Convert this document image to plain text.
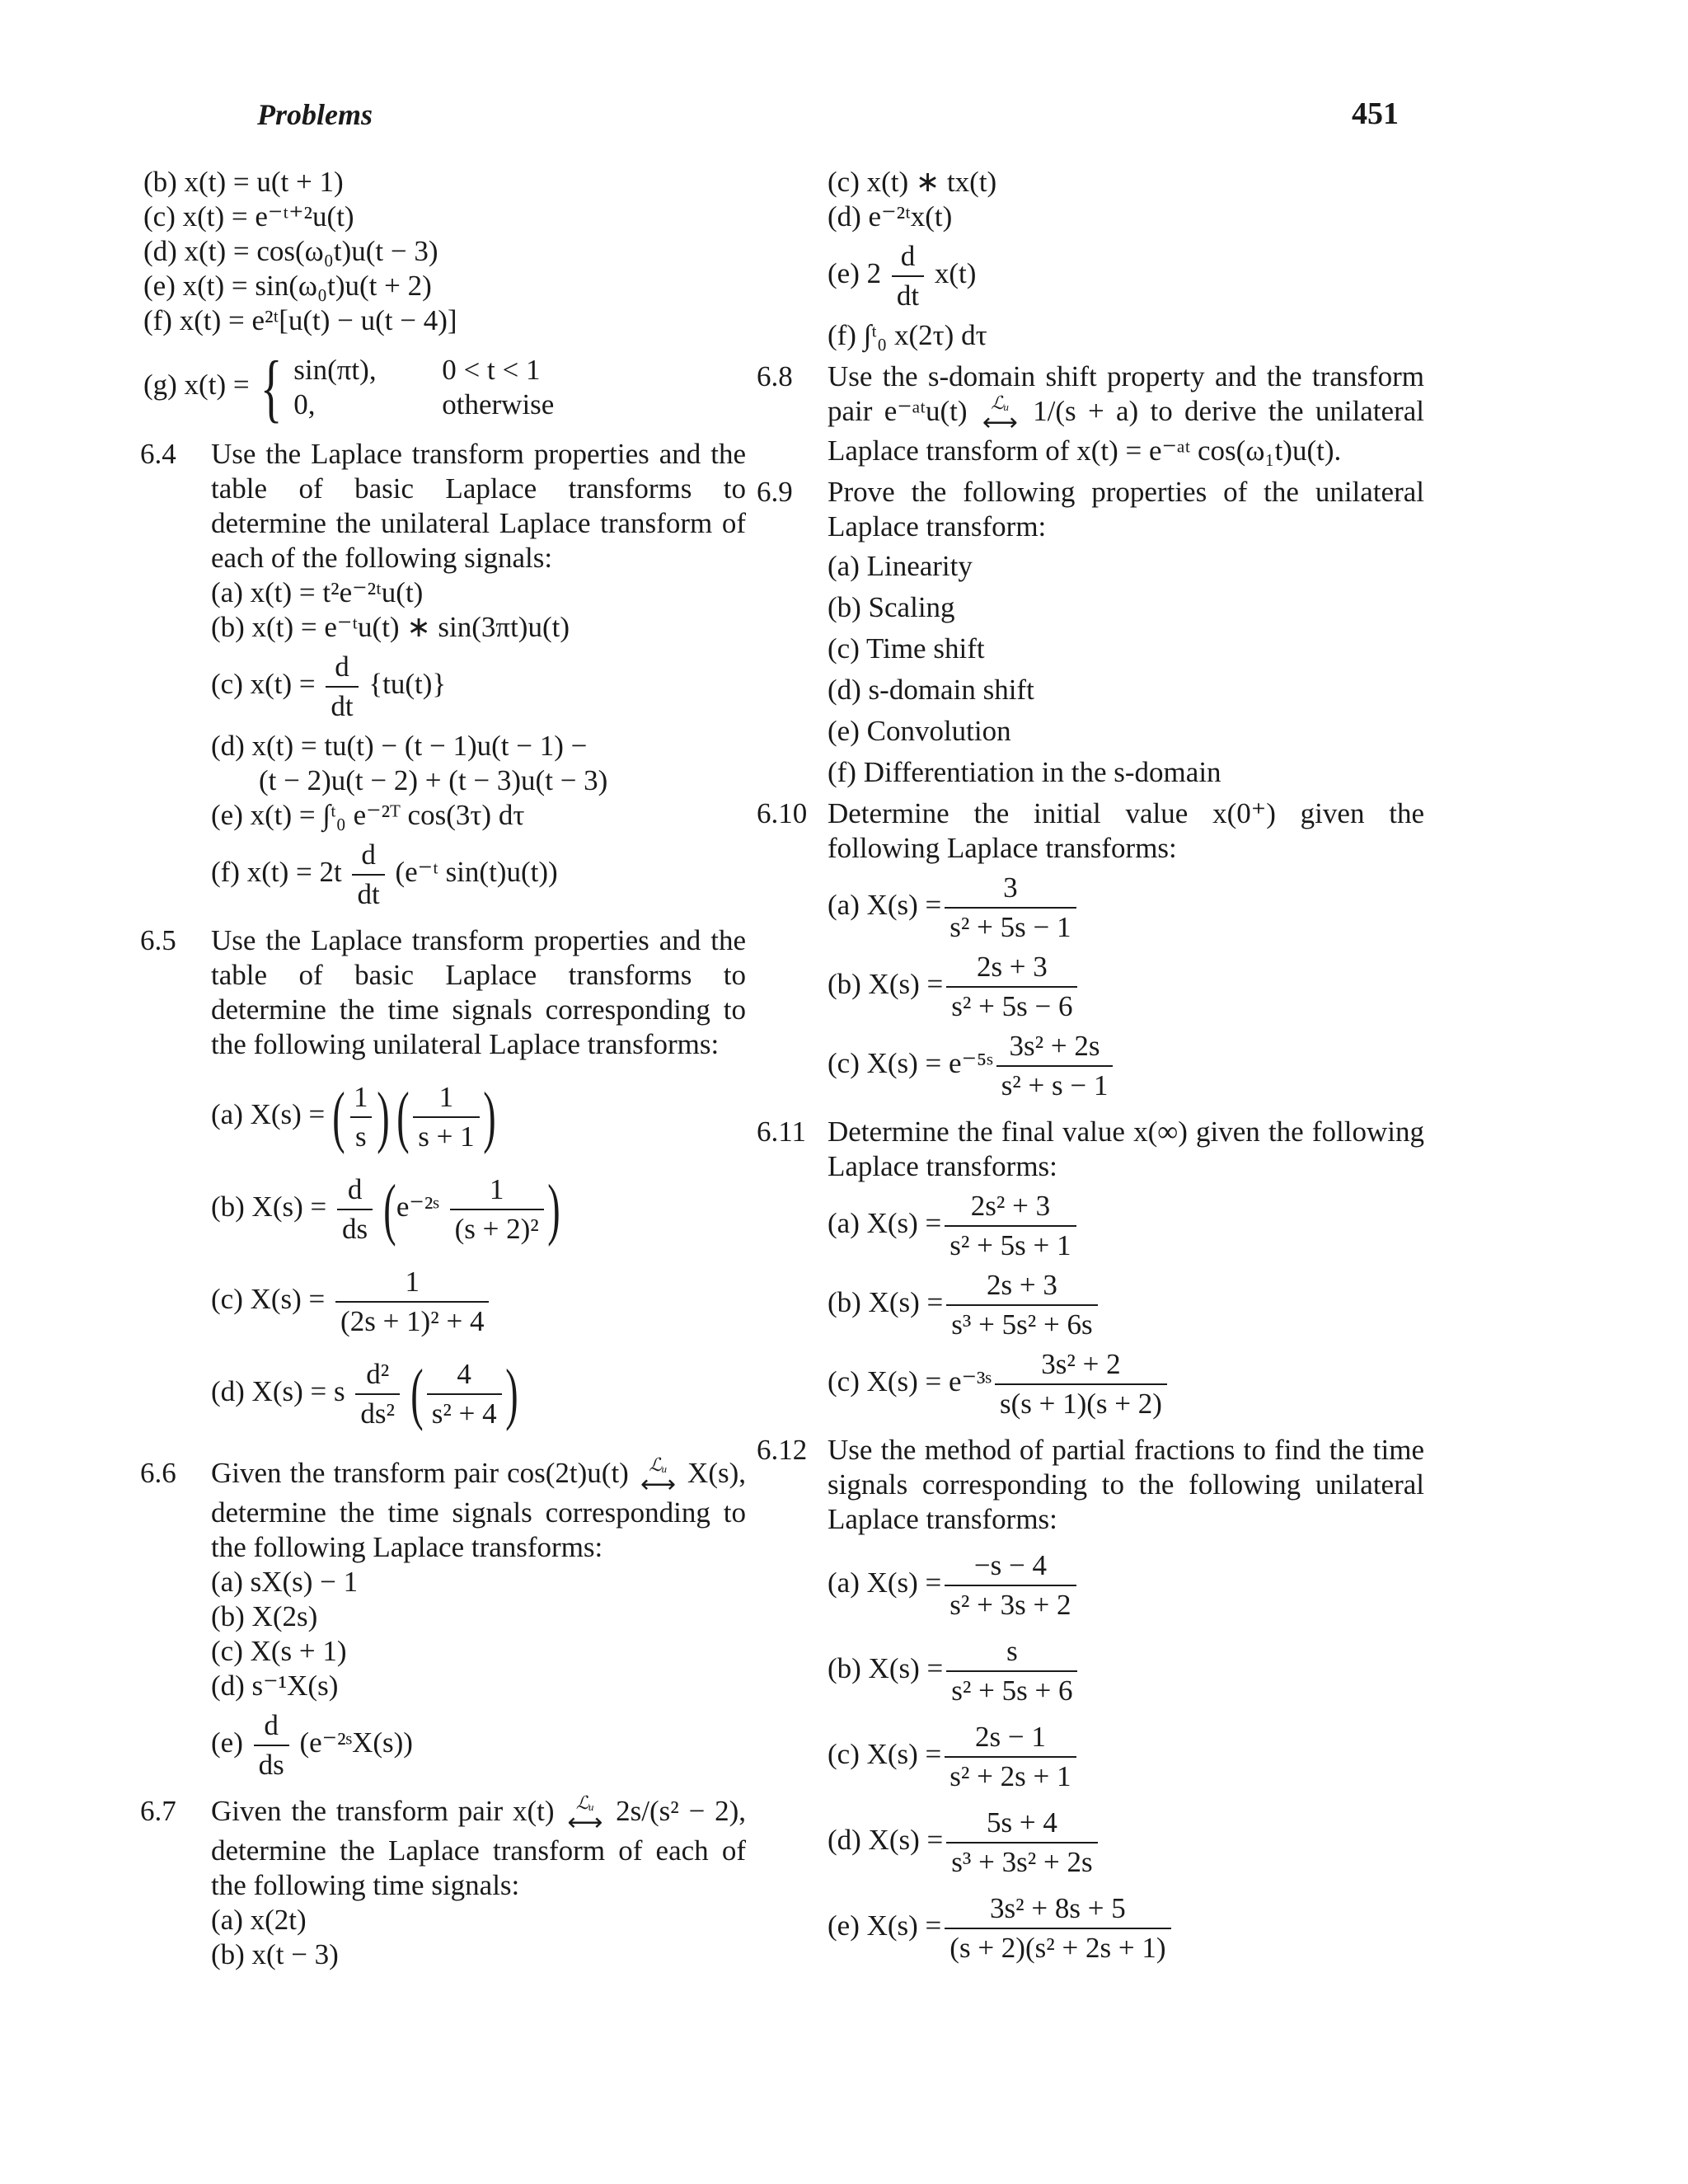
Problems	451
(b) x(t) = u(t + 1)
(c) x(t) = e⁻ᵗ⁺²u(t)
(d) x(t) = cos(ω₀t)u(t − 3)
(e) x(t) = sin(ω₀t)u(t + 2)
(f) x(t) = e²ᵗ[u(t) − u(t − 4)]
(g) x(t) = { sin(πt),	0 < t < 1
0,	otherwise
6.4	Use the Laplace transform properties and the table of basic Laplace transforms to determine the unilateral Laplace transform of each of the following signals:
(a) x(t) = t²e⁻²ᵗu(t)
(b) x(t) = e⁻ᵗu(t) ∗ sin(3πt)u(t)
(c) $x(t) = \frac{d}{dt} \{tu(t)\}$
(d) x(t) = tu(t) − (t − 1)u(t − 1) −
(t − 2)u(t − 2) + (t − 3)u(t − 3)
(e) x(t) = ∫ᵗ₀ e⁻²ᵀ cos(3τ) dτ
(f) $x(t) = 2t \frac{d}{dt}$ (e⁻ᵗ sin(t)u(t))
6.5	Use the Laplace transform properties and the table of basic Laplace transforms to determine the time signals corresponding to the following unilateral Laplace transforms:
(a) X(s) = ( $\frac{1}{s}$ ) ( $\frac{1}{s + 1}$ )
(b) $X(s) = \frac{d}{ds}$ (e⁻²ˢ $\frac{1}{\text{(s + 2)²}}$ )
(c) $X(s) = \frac{1}{\text{(2s + 1)² + 4}}$
(d) X(s) = s $\frac{\text{d²}}{\text{ds²}}$ ( $\frac{4}{\text{s² + 4}}$ )
6.6	Given the transform pair cos(2t)u(t) ℒᵤ
⟷ X(s), determine the time signals corresponding to the following Laplace transforms:
(a) sX(s) − 1
(b) X(2s)
(c) X(s + 1)
(d) s⁻¹X(s)
$(e) \frac{d}{ds}$ (e⁻²ˢX(s))
6.7	Given the transform pair x(t) ℒᵤ
⟷ 2s/(s² − 2), determine the Laplace transform of each of the following time signals:
(a) x(2t)
(b) x(t − 3)
(c) x(t) ∗ tx(t)
(d) e⁻²ᵗx(t)
(e) $2 \frac{d}{dt} x(t)$
(f) ∫ᵗ₀ x(2τ) dτ
6.8	Use the s-domain shift property and the transform pair e⁻ᵃᵗu(t) ℒᵤ
⟷ 1/(s + a) to derive the unilateral Laplace transform of x(t) = e⁻ᵃᵗ cos(ω₁t)u(t).
6.9	Prove the following properties of the unilateral Laplace transform:
(a) Linearity
(b) Scaling
(c) Time shift
(d) s-domain shift
(e) Convolution
(f) Differentiation in the s-domain
6.10 Determine the initial value x(0⁺) given the following Laplace transforms:
(a) $X(s) = \frac{3}{\text{s² + 5s − 1}}$
(b) $X(s) = \frac{2s + 3}{\text{s² + 5s − 6}}$
(c) X(s) = e⁻⁵ˢ $\frac{\text{3s² + 2s}}{\text{s² + s − 1}}$
6.11 Determine the final value x(∞) given the following Laplace transforms:
(a) $X(s) = \frac{\text{2s² + 3}}{\text{s² + 5s + 1}}$
(b) $X(s) = \frac{2s + 3}{\text{s³ + 5s² + 6s}}$
(c) X(s) = e⁻³ˢ $\frac{\text{3s² + 2}}{s(s + 1)(s + 2)}$
6.12 Use the method of partial fractions to find the time signals corresponding to the following unilateral Laplace transforms:
(a) $X(s) = \frac{-s - 4}{\text{s² + 3s + 2}}$
(b) $X(s) = \frac{s}{\text{s² + 5s + 6}}$
(c) $X(s) = \frac{2s - 1}{\text{s² + 2s + 1}}$
(d) $X(s) = \frac{5s + 4}{\text{s³ + 3s² + 2s}}$
(e) $X(s) = \frac{\text{3s² + 8s + 5}}{\text{(s + 2)(s² + 2s + 1)}}$
